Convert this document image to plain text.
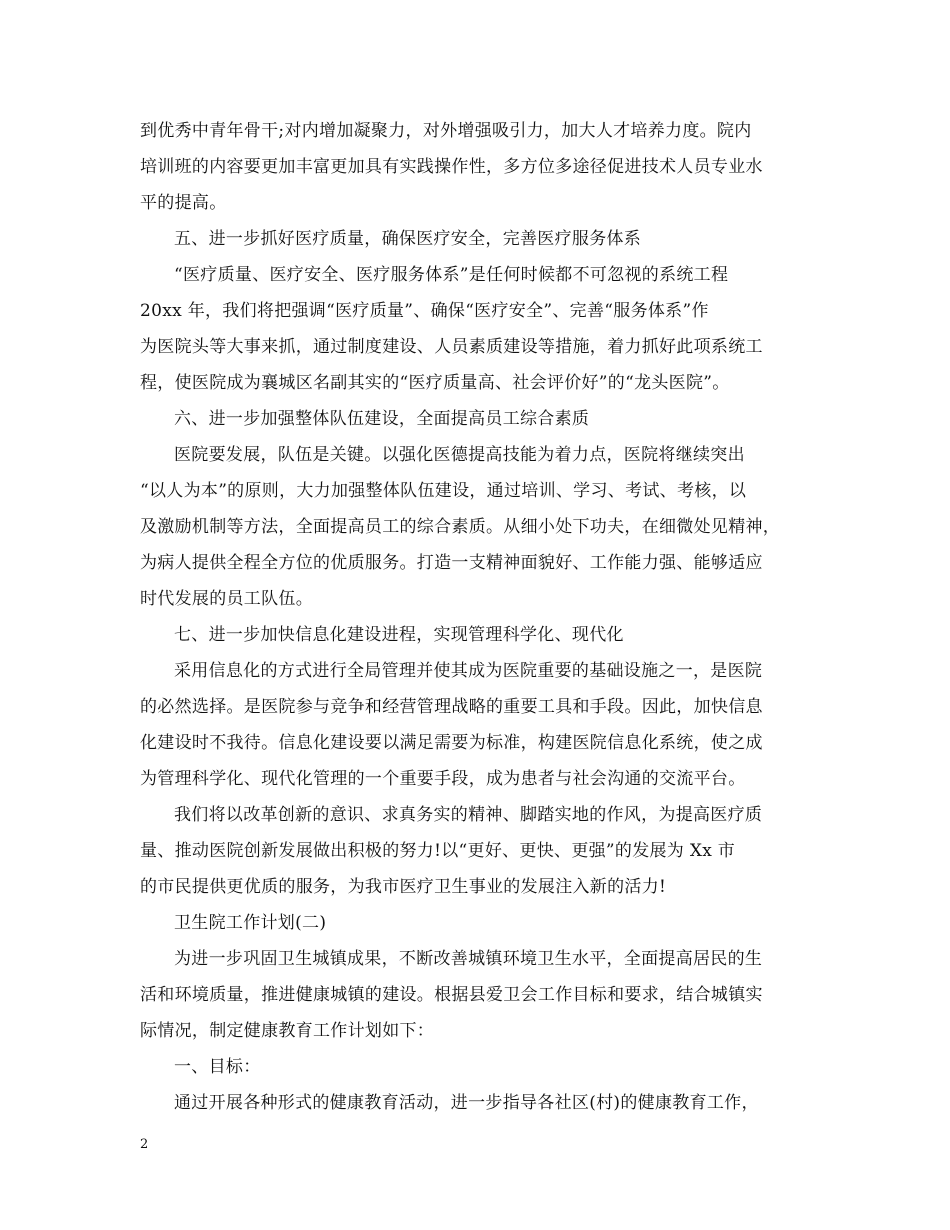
到优秀中青年骨干;对内增加凝聚力，对外增强吸引力，加大人才培养力度。院内
培训班的内容要更加丰富更加具有实践操作性，多方位多途径促进技术人员专业水
平的提高。
五、进一步抓好医疗质量，确保医疗安全，完善医疗服务体系
“医疗质量、医疗安全、医疗服务体系”是任何时候都不可忽视的系统工程
20xx 年，我们将把强调“医疗质量”、确保“医疗安全”、完善“服务体系”作
为医院头等大事来抓，通过制度建设、人员素质建设等措施，着力抓好此项系统工
程，使医院成为襄城区名副其实的“医疗质量高、社会评价好”的“龙头医院”。
六、进一步加强整体队伍建设，全面提高员工综合素质
医院要发展，队伍是关键。以强化医德提高技能为着力点，医院将继续突出
“以人为本”的原则，大力加强整体队伍建设，通过培训、学习、考试、考核，以
及激励机制等方法，全面提高员工的综合素质。从细小处下功夫，在细微处见精神，
为病人提供全程全方位的优质服务。打造一支精神面貌好、工作能力强、能够适应
时代发展的员工队伍。
七、进一步加快信息化建设进程，实现管理科学化、现代化
采用信息化的方式进行全局管理并使其成为医院重要的基础设施之一，是医院
的必然选择。是医院参与竞争和经营管理战略的重要工具和手段。因此，加快信息
化建设时不我待。信息化建设要以满足需要为标准，构建医院信息化系统，使之成
为管理科学化、现代化管理的一个重要手段，成为患者与社会沟通的交流平台。
我们将以改革创新的意识、求真务实的精神、脚踏实地的作风，为提高医疗质
量、推动医院创新发展做出积极的努力!以“更好、更快、更强”的发展为 Xx 市
的市民提供更优质的服务，为我市医疗卫生事业的发展注入新的活力!
卫生院工作计划(二)
为进一步巩固卫生城镇成果，不断改善城镇环境卫生水平，全面提高居民的生
活和环境质量，推进健康城镇的建设。根据县爱卫会工作目标和要求，结合城镇实
际情况，制定健康教育工作计划如下：
一、目标：
通过开展各种形式的健康教育活动，进一步指导各社区(村)的健康教育工作，
2
